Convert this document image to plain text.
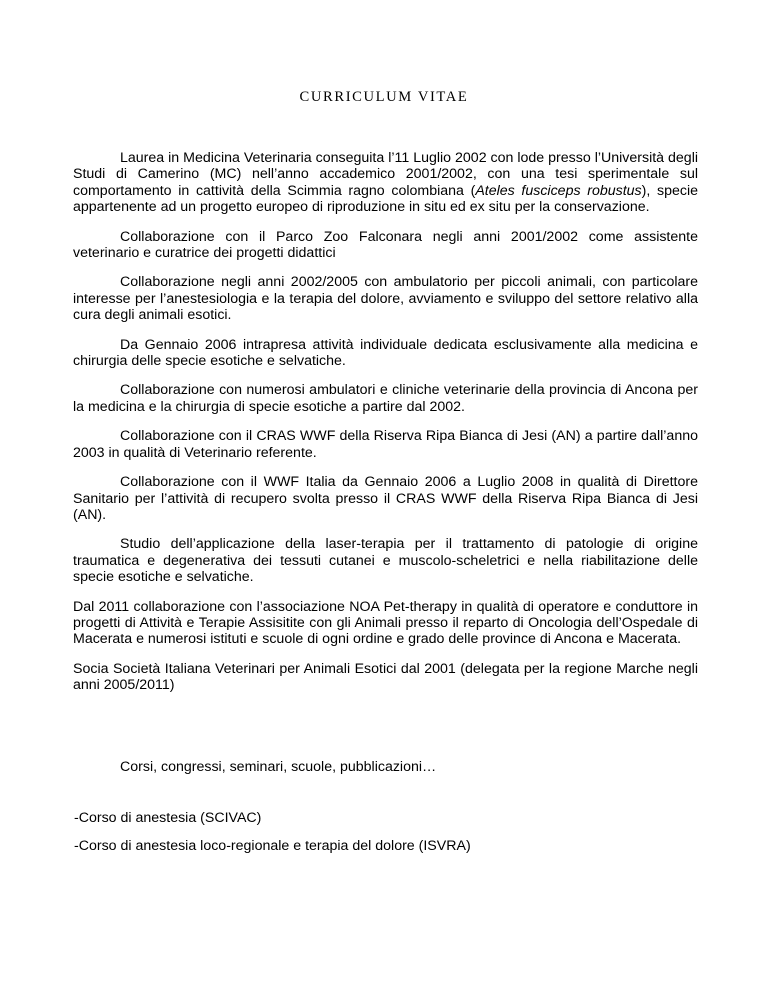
CURRICULUM VITAE

Laurea in Medicina Veterinaria conseguita l’11 Luglio 2002 con lode presso l’Università degli Studi di Camerino (MC) nell’anno accademico 2001/2002, con una tesi sperimentale sul comportamento in cattività della Scimmia ragno colombiana (Ateles fusciceps robustus), specie appartenente ad un progetto europeo di riproduzione in situ ed ex situ per la conservazione.

Collaborazione con il Parco Zoo Falconara negli anni 2001/2002 come assistente veterinario e curatrice dei progetti didattici

Collaborazione negli anni 2002/2005 con ambulatorio per piccoli animali, con particolare interesse per l’anestesiologia e la terapia del dolore, avviamento e sviluppo del settore relativo alla cura degli animali esotici.

Da Gennaio 2006 intrapresa attività individuale dedicata esclusivamente alla medicina e chirurgia delle specie esotiche e selvatiche.

Collaborazione con numerosi ambulatori e cliniche veterinarie della provincia di Ancona per la medicina e la chirurgia di specie esotiche a partire dal 2002.

Collaborazione con il CRAS WWF della Riserva Ripa Bianca di Jesi (AN) a partire dall’anno 2003 in qualità di Veterinario referente.

Collaborazione con il WWF Italia da Gennaio 2006 a Luglio 2008 in qualità di Direttore Sanitario per l’attività di recupero svolta presso il CRAS WWF della Riserva Ripa Bianca di Jesi (AN).

Studio dell’applicazione della laser-terapia per il trattamento di patologie di origine traumatica e degenerativa dei tessuti cutanei e muscolo-scheletrici e nella riabilitazione delle specie esotiche e selvatiche.

Dal 2011 collaborazione con l’associazione NOA Pet-therapy in qualità di operatore e conduttore in progetti di Attività e Terapie Assisitite con gli Animali presso il reparto di Oncologia dell’Ospedale di Macerata e numerosi istituti e scuole di ogni ordine e grado delle province di Ancona e Macerata.

Socia Società Italiana Veterinari per Animali Esotici dal 2001 (delegata per la regione Marche negli anni 2005/2011)

Corsi, congressi, seminari, scuole, pubblicazioni…

-Corso di anestesia (SCIVAC)

-Corso di anestesia loco-regionale e terapia del dolore (ISVRA)
